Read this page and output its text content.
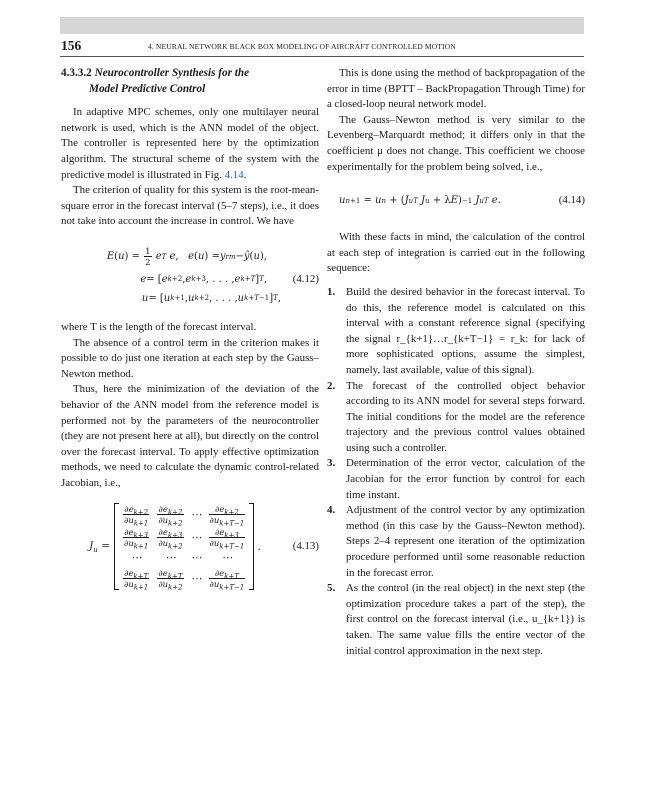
156	4. NEURAL NETWORK BLACK BOX MODELING OF AIRCRAFT CONTROLLED MOTION
4.3.3.2 Neurocontroller Synthesis for the
Model Predictive Control

In adaptive MPC schemes, only one multilayer neural network is used, which is the ANN model of the object. The controller is represented here by the optimization algorithm. The structural scheme of the system with the predictive model is illustrated in Fig. 4.14.

The criterion of quality for this system is the root-mean-square error in the forecast interval (5–7 steps), i.e., it does not take into account the increase in control. We have

E ( u ) = $\frac{1}{2}$
e T
e , e ( u ) = y rm − ŷ ( u ),
e = [ e k+2 , e k+3 , . . . , e k+T ] T , (4.12)
u = [ u k+1 , u k+2 , . . . , u k+T−1 ] T ,

where T is the length of the forecast interval.

The absence of a control term in the criterion makes it possible to do just one iteration at each step by the Gauss–Newton method.

Thus, here the minimization of the deviation of the behavior of the ANN model from the reference model is performed not by the parameters of the neurocontroller (they are not present here at all), but directly on the control over the forecast interval. To apply effective optimization methods, we need to calculate the dynamic control-related Jacobian, i.e.,

$J_u$ =
$\frac{\partial e_{k+2}}{\partial u_{k+1}}$	$\frac{\partial e_{k+2}}{\partial u_{k+2}}$	⋯	$\frac{\partial e_{k+2}}{\partial u_{k+T-1}}$

$\frac{\partial e_{k+3}}{\partial u_{k+1}}$	$\frac{\partial e_{k+3}}{\partial u_{k+2}}$	⋯	$\frac{\partial e_{k+3}}{\partial u_{k+T-1}}$

⋯	⋯	⋯	⋯

$\frac{\partial e_{k+T}}{\partial u_{k+1}}$	$\frac{\partial e_{k+T}}{\partial u_{k+2}}$	⋯	$\frac{\partial e_{k+T}}{\partial u_{k+T-1}}$
.	(4.13)

This is done using the method of backpropagation of the error in time (BPTT – BackPropagation Through Time) for a closed-loop neural network model.

The Gauss–Newton method is very similar to the Levenberg–Marquardt method; it differs only in that the coefficient μ does not change. This coefficient we choose experimentally for the problem being solved, i.e.,

u n+1 = u n + ( J u T
J u + λ E ) −1
J u T
e .	(4.14)

With these facts in mind, the calculation of the control at each step of integration is carried out in the following sequence:

1. Build the desired behavior in the forecast interval. To do this, the reference model is calculated on this interval with a constant reference signal (specifying the signal r_{k+1}…r_{k+T−1} = r_k: for lack of more sophisticated options, assume the simplest, namely, last available, value of this signal).
2. The forecast of the controlled object behavior according to its ANN model for several steps forward. The initial conditions for the model are the reference trajectory and the previous control values obtained using such a controller.
3. Determination of the error vector, calculation of the Jacobian for the error function by control for each time instant.
4. Adjustment of the control vector by any optimization method (in this case by the Gauss–Newton method). Steps 2–4 represent one iteration of the optimization procedure performed until some reasonable reduction in the forecast error.
5. As the control (in the real object) in the next step (the optimization procedure takes a part of the step), the first control on the forecast interval (i.e., u_{k+1}) is taken. The same value fills the entire vector of the initial control approximation in the next step.
